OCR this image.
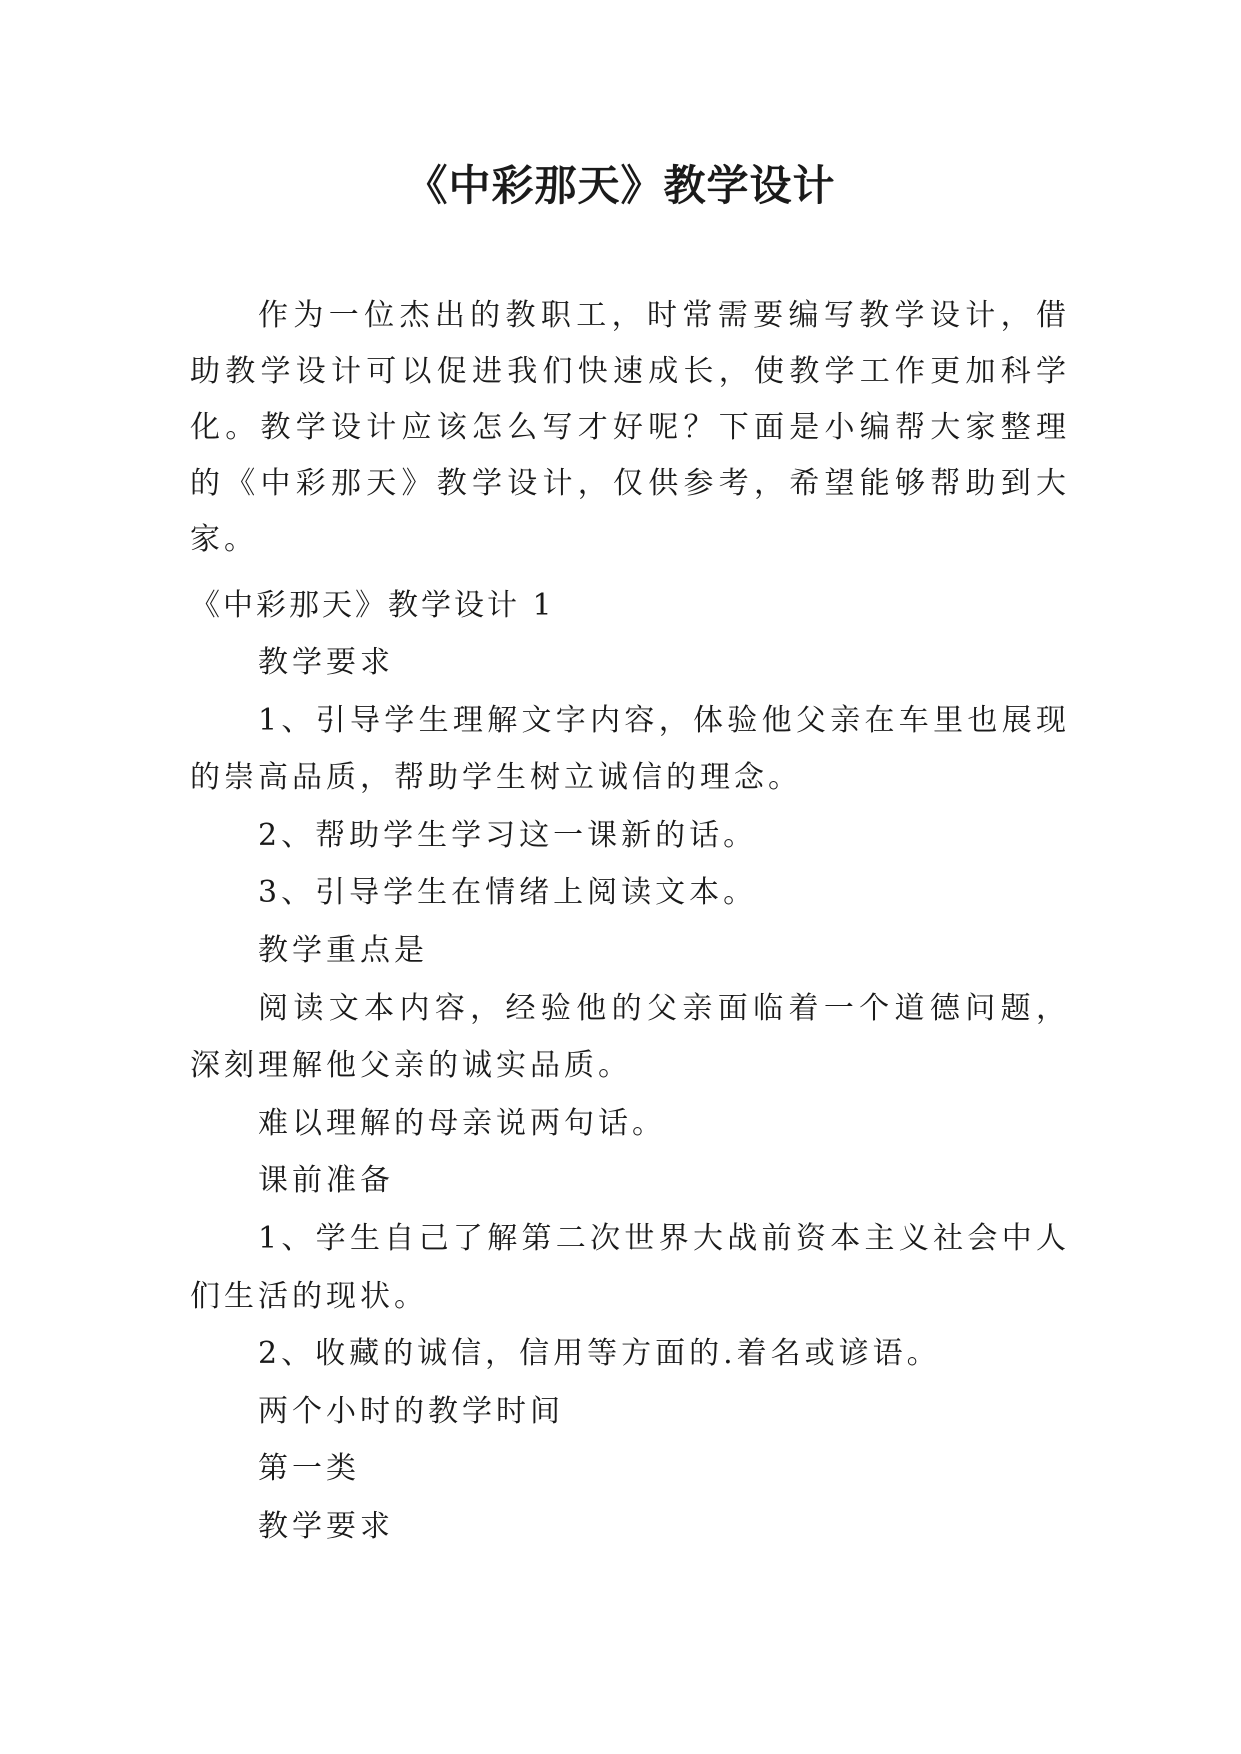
《中彩那天》教学设计

作为一位杰出的教职工，时常需要编写教学设计，借助教学设计可以促进我们快速成长，使教学工作更加科学化。教学设计应该怎么写才好呢？下面是小编帮大家整理的《中彩那天》教学设计，仅供参考，希望能够帮助到大家。

《中彩那天》教学设计 1

教学要求

1、引导学生理解文字内容，体验他父亲在车里也展现的崇高品质，帮助学生树立诚信的理念。

2、帮助学生学习这一课新的话。

3、引导学生在情绪上阅读文本。

教学重点是

阅读文本内容，经验他的父亲面临着一个道德问题，深刻理解他父亲的诚实品质。

难以理解的母亲说两句话。

课前准备

1、学生自己了解第二次世界大战前资本主义社会中人们生活的现状。

2、收藏的诚信，信用等方面的.着名或谚语。

两个小时的教学时间

第一类

教学要求
